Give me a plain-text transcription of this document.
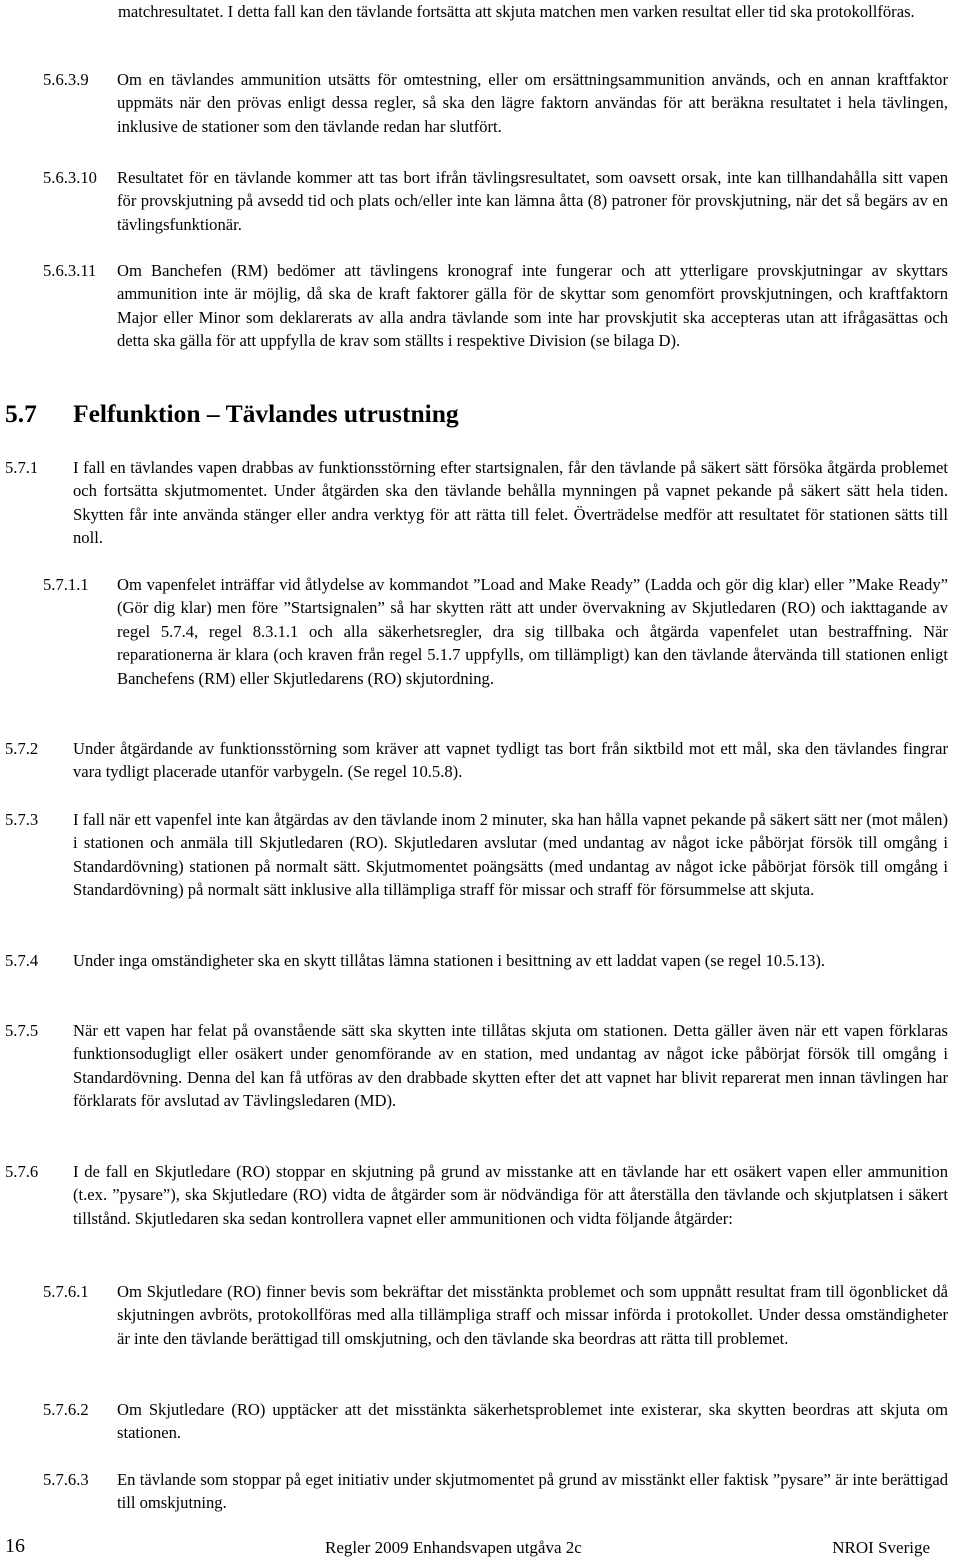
matchresultatet. I detta fall kan den tävlande fortsätta att skjuta matchen men varken resultat eller tid ska protokollföras.
5.6.3.9 Om en tävlandes ammunition utsätts för omtestning, eller om ersättningsammunition används, och en annan kraftfaktor uppmäts när den prövas enligt dessa regler, så ska den lägre faktorn användas för att beräkna resultatet i hela tävlingen, inklusive de stationer som den tävlande redan har slutfört.
5.6.3.10 Resultatet för en tävlande kommer att tas bort ifrån tävlingsresultatet, som oavsett orsak, inte kan tillhandahålla sitt vapen för provskjutning på avsedd tid och plats och/eller inte kan lämna åtta (8) patroner för provskjutning, när det så begärs av en tävlingsfunktionär.
5.6.3.11 Om Banchefen (RM) bedömer att tävlingens kronograf inte fungerar och att ytterligare provskjutningar av skyttars ammunition inte är möjlig, då ska de kraft faktorer gälla för de skyttar som genomfört provskjutningen, och kraftfaktorn Major eller Minor som deklarerats av alla andra tävlande som inte har provskjutit ska accepteras utan att ifrågasättas och detta ska gälla för att uppfylla de krav som ställts i respektive Division (se bilaga D).
5.7 Felfunktion – Tävlandes utrustning
5.7.1 I fall en tävlandes vapen drabbas av funktionsstörning efter startsignalen, får den tävlande på säkert sätt försöka åtgärda problemet och fortsätta skjutmomentet. Under åtgärden ska den tävlande behålla mynningen på vapnet pekande på säkert sätt hela tiden. Skytten får inte använda stänger eller andra verktyg för att rätta till felet. Överträdelse medför att resultatet för stationen sätts till noll.
5.7.1.1 Om vapenfelet inträffar vid åtlydelse av kommandot ”Load and Make Ready” (Ladda och gör dig klar) eller ”Make Ready” (Gör dig klar) men före ”Startsignalen” så har skytten rätt att under övervakning av Skjutledaren (RO) och iakttagande av regel 5.7.4, regel 8.3.1.1 och alla säkerhetsregler, dra sig tillbaka och åtgärda vapenfelet utan bestraffning. När reparationerna är klara (och kraven från regel 5.1.7 uppfylls, om tillämpligt) kan den tävlande återvända till stationen enligt Banchefens (RM) eller Skjutledarens (RO) skjutordning.
5.7.2 Under åtgärdande av funktionsstörning som kräver att vapnet tydligt tas bort från siktbild mot ett mål, ska den tävlandes fingrar vara tydligt placerade utanför varbygeln. (Se regel 10.5.8).
5.7.3 I fall när ett vapenfel inte kan åtgärdas av den tävlande inom 2 minuter, ska han hålla vapnet pekande på säkert sätt ner (mot målen) i stationen och anmäla till Skjutledaren (RO). Skjutledaren avslutar (med undantag av något icke påbörjat försök till omgång i Standardövning) stationen på normalt sätt. Skjutmomentet poängsätts (med undantag av något icke påbörjat försök till omgång i Standardövning) på normalt sätt inklusive alla tillämpliga straff för missar och straff för försummelse att skjuta.
5.7.4 Under inga omständigheter ska en skytt tillåtas lämna stationen i besittning av ett laddat vapen (se regel 10.5.13).
5.7.5 När ett vapen har felat på ovanstående sätt ska skytten inte tillåtas skjuta om stationen. Detta gäller även när ett vapen förklaras funktionsodugligt eller osäkert under genomförande av en station, med undantag av något icke påbörjat försök till omgång i Standardövning. Denna del kan få utföras av den drabbade skytten efter det att vapnet har blivit reparerat men innan tävlingen har förklarats för avslutad av Tävlingsledaren (MD).
5.7.6 I de fall en Skjutledare (RO) stoppar en skjutning på grund av misstanke att en tävlande har ett osäkert vapen eller ammunition (t.ex. ”pysare”), ska Skjutledare (RO) vidta de åtgärder som är nödvändiga för att återställa den tävlande och skjutplatsen i säkert tillstånd. Skjutledaren ska sedan kontrollera vapnet eller ammunitionen och vidta följande åtgärder:
5.7.6.1 Om Skjutledare (RO) finner bevis som bekräftar det misstänkta problemet och som uppnått resultat fram till ögonblicket då skjutningen avbröts, protokollföras med alla tillämpliga straff och missar införda i protokollet. Under dessa omständigheter är inte den tävlande berättigad till omskjutning, och den tävlande ska beordras att rätta till problemet.
5.7.6.2 Om Skjutledare (RO) upptäcker att det misstänkta säkerhetsproblemet inte existerar, ska skytten beordras att skjuta om stationen.
5.7.6.3 En tävlande som stoppar på eget initiativ under skjutmomentet på grund av misstänkt eller faktisk ”pysare” är inte berättigad till omskjutning.
16	Regler 2009 Enhandsvapen utgåva 2c	NROI Sverige
